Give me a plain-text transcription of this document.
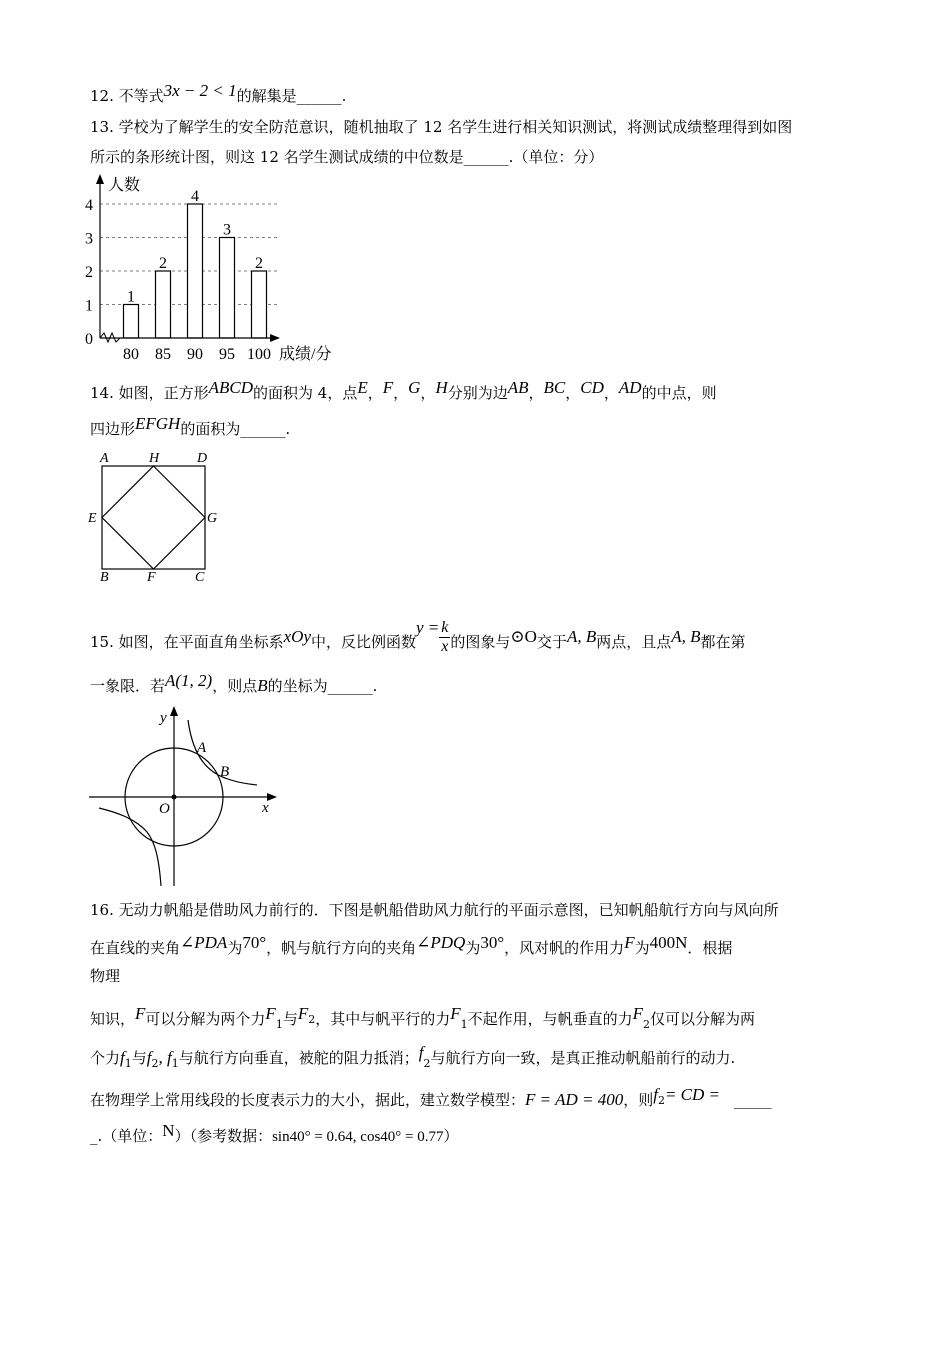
12. 不等式3x − 2 < 1的解集是______.
13. 学校为了解学生的安全防范意识，随机抽取了 12 名学生进行相关知识测试，将测试成绩整理得到如图
所示的条形统计图，则这 12 名学生测试成绩的中位数是______.（单位：分）
1
2
4
3
2
人数
成绩/分
0
1
2
3
4
80 85 90 95 100
14. 如图，正方形ABCD的面积为 4，点E，F，G，H分别为边AB，BC，CD，AD的中点，则
四边形EFGH的面积为______.
A	H	D
E	G
B	F	C
15. 如图，在平面直角坐标系xOy中，反比例函数$y = \frac{k}{x}$ 的图象与⊙O交于A, B两点，且点A, B都在第
一象限．若A(1, 2)，则点B的坐标为______.
y
x
O
A
B
16. 无动力帆船是借助风力前行的．下图是帆船借助风力航行的平面示意图，已知帆船航行方向与风向所
在直线的夹角∠PDA为70°，帆与航行方向的夹角∠PDQ为30°，风对帆的作用力F为400N．根据
物理
知识，F可以分解为两个力$F_1$与$F_2$，其中与帆平行的力$F_1$不起作用，与帆垂直的力$F_2$仅可以分解为两
个力$f_1$与$f_2$, $f_1$与航行方向垂直，被舵的阻力抵消；$f_2$与航行方向一致，是真正推动帆船前行的动力.
在物理学上常用线段的长度表示力的大小，据此，建立数学模型：F = AD = 400，则$f_2=$ CD = _____
_.（单位：N）（参考数据：sin40° = 0.64, cos40° = 0.77）
